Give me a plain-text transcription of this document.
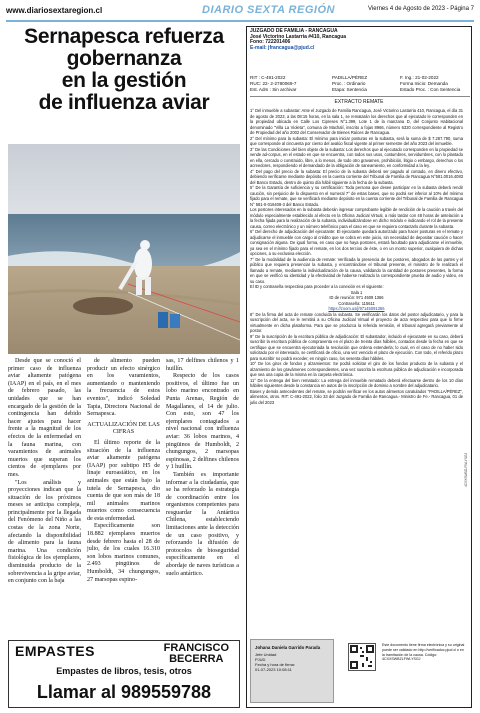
www.diariosextaregion.cl	DIARIO SEXTA REGIÓN	Viernes 4 de Agosto de 2023 - Página 7
Sernapesca refuerza
gobernanza
en la gestión
de influenza aviar

Desde que se conoció el primer caso de influenza aviar altamente patógena (IAAP) en el país, en el mes de febrero pasado, las unidades que se han encargado de la gestión de la contingencia han debido hacer ajustes para hacer frente a la magnitud de los efectos de la enfermedad en la fauna marina, con varamientos de animales muertos que superan los cientos de ejemplares por mes.

"Los análisis y proyecciones indican que la situación de los próximos meses se anticipa compleja, principalmente por la llegada del Fenómeno del Niño a las costas de la zona Norte, afectando la disponibilidad de alimento para la fauna marina. Una condición fisiológica de los ejemplares, disminuida producto de la sobrevivencia a la gripe aviar, en conjunto con la baja

de alimento pueden producir un efecto sinérgico en los varamientos, aumentando o manteniendo la frecuencia de estos eventos", indicó Soledad Tapia, Directora Nacional de Sernapesca.

ACTUALIZACIÓN DE LAS CIFRAS

El último reporte de la situación de la influenza aviar altamente patógena (IAAP) por subtipo H5 de linaje euroasiático, en los animales que están bajo la tutela de Sernapesca, dio cuenta de que son más de 18 mil animales marinos muertos como consecuencia de esta enfermedad.

Específicamente son 18.882 ejemplares muertos desde febrero hasta el 28 de julio, de los cuales 16.310 son lobos marinos comunes, 2.493 pingüinos de Humboldt, 34 chungungos, 27 marsopas espino-

sas, 17 delfines chilenos y 1 huillín.

Respecto de los casos positivos, el último fue un lobo marino encontrado en Punta Arenas, Región de Magallanes, el 14 de julio. Con esto, son 47 los ejemplares contagiados a nivel nacional con influenza aviar: 36 lobos marinos, 4 pingüinos de Humboldt, 2 chungungos, 2 marsopas espinosas, 2 delfines chilenos y 1 huillín.

También es importante informar a la ciudadanía, que se ha reforzado la estrategia de coordinación entre los organismos competentes para resguardar la Antártica Chilena, estableciendo limitaciones ante la detección de un caso positivo, y reforzando la difusión de protocolos de bioseguridad específicamente en el abordaje de naves turísticas a suelo antártico.

EMPASTES	FRANCISCO
BECERRA
Empastes de libros, tesis, otros
Llamar al 989559788
JUZGADO DE FAMILIA - RANCAGUA
José Victorino Lastarria #410, Rancagua
Fono: 722201406
E-mail: jfrancagua@pjud.cl
RIT : C-491-2022	PADILLA/PÉREZ	F. Ing.: 21-02-2022
RUC: 22- 2-2780069-7	Proc. : Ordinario	Forma Inicio: Demanda
Est. Adm : Sin archivar	Etapa: Sentencia	Estado Proc. : Con Sentencia
EXTRACTO REMATE

1° Del inmueble a subastar: Ante el Juzgado de Familia Rancagua, José Victorino Lastarria 410, Rancagua, el día 31 de agosto de 2023, a las 08:15 horas, en la sala 1, se rematarán los derechos que al ejecutado le corresponden en la propiedad ubicada en Calle Los Cipreses N°1.399, Lote 1 de la manzana D, del Conjunto Habitacional denominado "Villa La Violeta", comuna de Machalí, inscrito a fojas 8966, número 6320 correspondiente al Registro de Propiedad del año 2002 del Conservador de Bienes Raíces de Rancagua.

2° Del mínimo para la subasta: El mínimo para iniciar posturas en la subasta, será la suma de $ 7.287.790, suma que corresponde al cincuenta por ciento del avalúo fiscal vigente al primer semestre del año 2023 del inmueble.

3° De las Condiciones del bien objeto de la subasta: Los derechos que al ejecutado corresponden en la propiedad se vende ad-corpus, en el estado en que se encuentra, con todos sus usos, costumbres, servidumbres, con lo plantado en ella, cercado o construido, libre, a lo menos, de todo otro gravamen, prohibición, litigio o embargo, derechos o los acreedores, respondiendo el demandado de la obligación de saneamiento, en conformidad a la ley.

4° Del pago del precio de la subasta: El precio de la subasta deberá ser pagado al contado, en dinero efectivo, debiendo verificarse mediante depósito en la cuenta corriente del Tribunal de Familia de Rancagua N°581.0016.4083 del Banco Estado, dentro de quinto día hábil siguiente a la fecha de la subasta.

5° De la Garantía de suficiencia y su certificación: Toda persona que desee participar en la subasta deberá rendir caución, sin perjuicio de lo dispuesto en el numeral 7° de estas bases, que no podrá ser inferior al 10% del mínimo fijado para el remate, que se verificará mediante depósito en la cuenta corriente del Tribunal de Familia de Rancagua N° 581-0-016408-3 del Banco Estado.

Los postores interesados en la subasta deberán ingresar comprobante legible de rendición de la caución a través del módulo especialmente establecido al efecto en la Oficina Judicial Virtual, a más tardar con 48 horas de antelación a la fecha fijada para la realización de la subasta, individualizándose en dicho módulo e indicando el rol de la presente causa, correo electrónico y un número telefónico para el caso en que se requiera contactarlo durante la subasta.

6° Del derecho de adjudicación del ejecutante: El ejecutante quedará autorizado para hacer posturas en el remate y adjudicarse el inmueble con cargo al crédito que se cobra en este juicio, sin necesidad de depositar caución o hacer consignación alguna. De igual forma, en caso que no haya postores, estará facultado para adjudicarse el inmueble, ya sea en el mínimo fijado para el remate, en los dos tercios de éste, o en un monto superior, cualquiera de dichas opciones, a su exclusiva elección.

7° De la modalidad de la audiencia de remate: Verificada la presencia de los postores, abogados de las partes y el público que requiera presenciar la subasta, y encontrándose el tribunal presente, el ministro de fe realizará el llamado a remate, mediante la individualización de la causa, validando la cantidad de postores presentes, la forma en que se verificó su identidad y la efectividad de haberse realizado la correspondiente prueba de audio y video, en su caso.

El ID y contraseña respectiva para proceder a la conexión es el siguiente:

Sala 1

ID de reunión: 971 4509 1366

Contraseña: 115611

https://zoom.us/j/97145091366

8° De la firma del acta de remate concluida la subasta. Se verificarán los datos del postor adjudicatario, y para la suscripción del acta, se le remitirá a su Oficina Judicial Virtual el proyecto de acta respectivo para que lo firme virtualmente en dicha plataforma. Para que se produzca la referida remisión, el tribunal agregará previamente al postor.

9° De la suscripción de la escritura pública de adjudicación: El subastador, incluido el ejecutante en su caso, deberá suscribir la escritura pública de compraventa en el plazo de treinta días hábiles, contados desde la fecha en que se certifique que se encuentra ejecutoriada la resolución que ordena extenderla; lo cual, en el caso de no haber sido solicitado por el interesado, se certificará de oficio, una vez vencido el plazo de ejecución. Con todo, el referido plazo para suscribir no podrá exceder, en ningún caso, los sesenta días hábiles.

10° De los giros de fondos y alzamientos: Se podrá solicitar el giro de los fondos producto de la subasta y el alzamiento de los gravámenes correspondientes, una vez suscrita la escritura pública de adjudicación e incorporada que sea una copia de la misma en la carpeta electrónica.

11° De la entrega del bien rematado: La entrega del inmueble rematado deberá efectuarse dentro de los 10 días hábiles siguientes desde la constancia en autos de la inscripción de dominio a nombre del adjudicatario.

Bases y demás antecedentes del remate, se podrán verificar en los autos alimentos caratulados "PADILLA/PÉREZ", alimentos, otros. RIT: C-491-2022, folio 33 del Juzgado de Familia de Rancagua.- Ministro de Fe.- Rancagua, 01 de julio del 2023

4CXXSWBZLFWLYSGJ
Johana Daniela Garrido Parada
Jefe Unidad
PJUD
Fecha y hora de firma:
01-07-2023 10:08:11
Este documento tiene firma electrónica y su original puede ser validado en http://verificadoc.pjud.cl o en la tramitación de la causa. Código: 4CXXSWBZLFWLYSGJ
